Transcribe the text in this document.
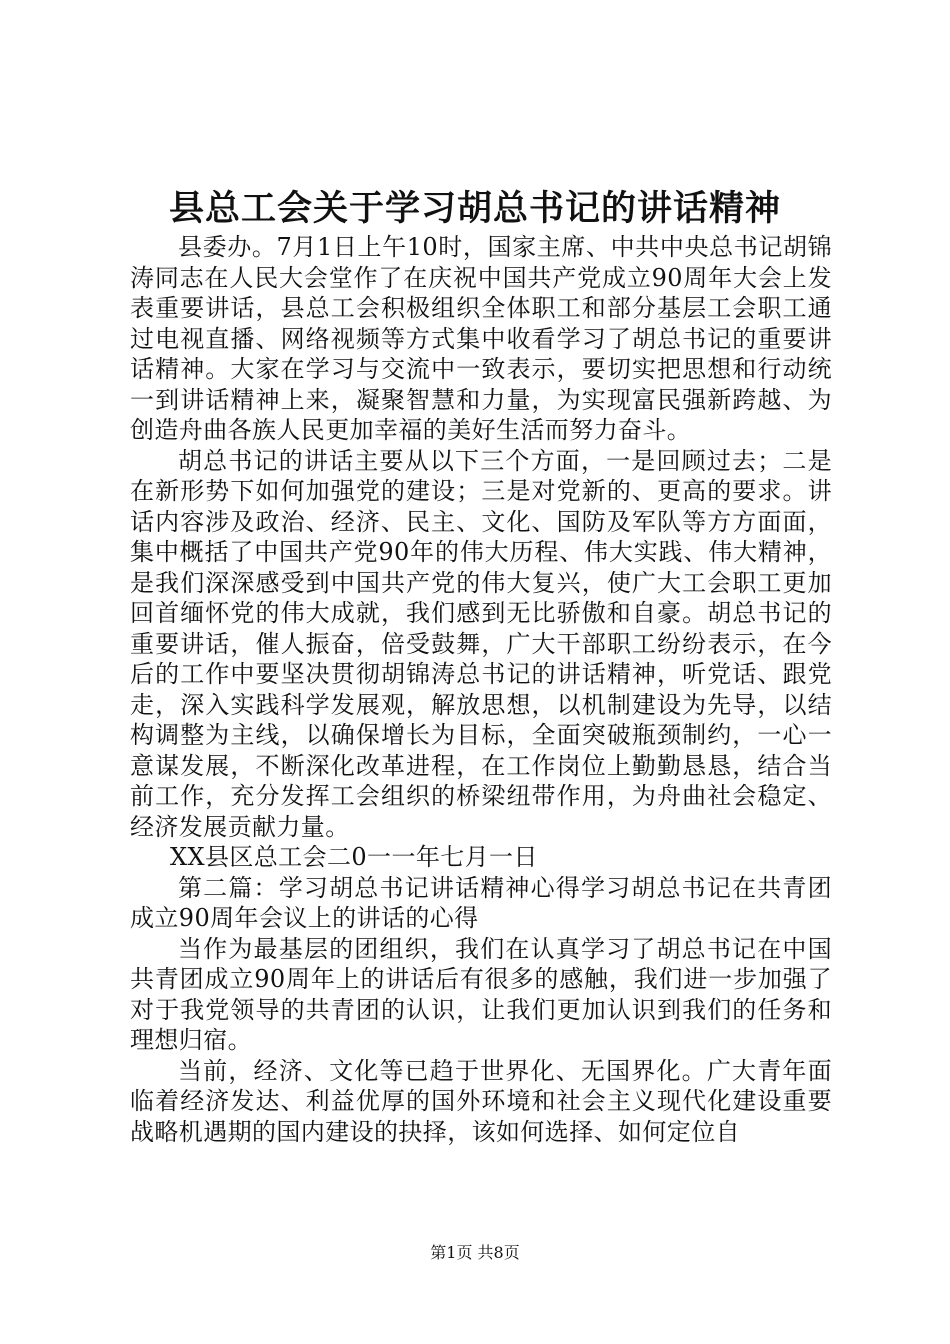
县总工会关于学习胡总书记的讲话精神

县委办。7月1日上午10时，国家主席、中共中央总书记胡锦涛同志在人民大会堂作了在庆祝中国共产党成立90周年大会上发表重要讲话，县总工会积极组织全体职工和部分基层工会职工通过电视直播、网络视频等方式集中收看学习了胡总书记的重要讲话精神。大家在学习与交流中一致表示，要切实把思想和行动统一到讲话精神上来，凝聚智慧和力量，为实现富民强新跨越、为创造舟曲各族人民更加幸福的美好生活而努力奋斗。

胡总书记的讲话主要从以下三个方面，一是回顾过去；二是在新形势下如何加强党的建设；三是对党新的、更高的要求。讲话内容涉及政治、经济、民主、文化、国防及军队等方方面面，集中概括了中国共产党90年的伟大历程、伟大实践、伟大精神，是我们深深感受到中国共产党的伟大复兴，使广大工会职工更加回首缅怀党的伟大成就，我们感到无比骄傲和自豪。胡总书记的重要讲话，催人振奋，倍受鼓舞，广大干部职工纷纷表示，在今后的工作中要坚决贯彻胡锦涛总书记的讲话精神，听党话、跟党走，深入实践科学发展观，解放思想，以机制建设为先导，以结构调整为主线，以确保增长为目标，全面突破瓶颈制约，一心一意谋发展，不断深化改革进程，在工作岗位上勤勤恳恳，结合当前工作，充分发挥工会组织的桥梁纽带作用，为舟曲社会稳定、经济发展贡献力量。

XX县区总工会二0一一年七月一日

第二篇：学习胡总书记讲话精神心得学习胡总书记在共青团成立90周年会议上的讲话的心得

当作为最基层的团组织，我们在认真学习了胡总书记在中国共青团成立90周年上的讲话后有很多的感触，我们进一步加强了对于我党领导的共青团的认识，让我们更加认识到我们的任务和理想归宿。

当前，经济、文化等已趋于世界化、无国界化。广大青年面临着经济发达、利益优厚的国外环境和社会主义现代化建设重要战略机遇期的国内建设的抉择，该如何选择、如何定位自

第1页 共8页
